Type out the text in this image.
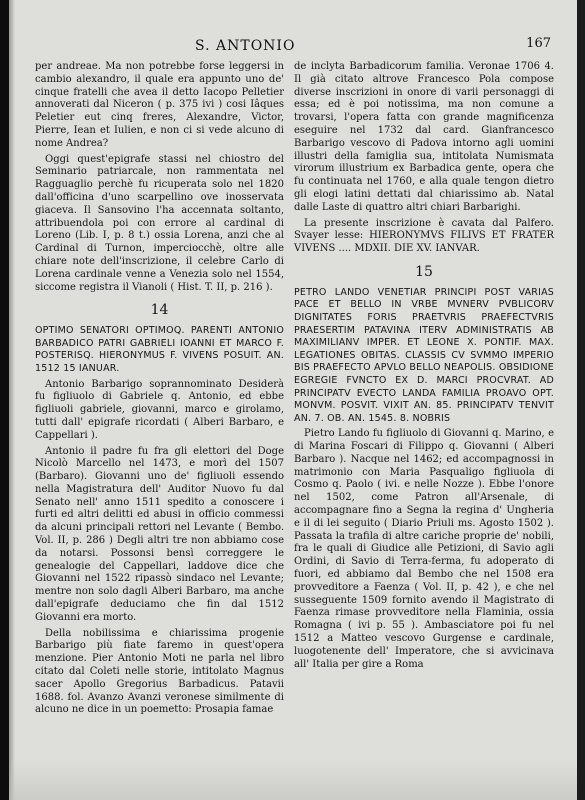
S. ANTONIO	167

per andreae. Ma non potrebbe forse leggersi in cambio alexandro, il quale era appunto uno de' cinque fratelli che avea il detto Iacopo Pelletier annoverati dal Niceron ( p. 375 ivi ) cosi Iâques Peletier eut cinq freres, Alexandre, Victor, Pierre, Iean et Iulien, e non ci si vede alcuno di nome Andrea?

Oggi quest'epigrafe stassi nel chiostro del Seminario patriarcale, non rammentata nel Ragguaglio perchè fu ricuperata solo nel 1820 dall'officina d'uno scarpellino ove inosservata giaceva. Il Sansovino l'ha accennata soltanto, attribuendola poi con errore al cardinal di Loreno (Lib. I, p. 8 t.) ossia Lorena, anzi che al Cardinal di Turnon, imperciocchè, oltre alle chiare note dell'inscrizione, il celebre Carlo di Lorena cardinale venne a Venezia solo nel 1554, siccome registra il Vianoli ( Hist. T. II, p. 216 ).

14

OPTIMO SENATORI OPTIMOQ. PARENTI ANTONIO BARBADICO PATRI GABRIELI IOANNI ET MARCO F. POSTERISQ. HIERONYMUS F. VIVENS POSUIT. AN. 1512 15 IANUAR.

Antonio Barbarigo soprannominato Desiderà fu figliuolo di Gabriele q. Antonio, ed ebbe figliuoli gabriele, giovanni, marco e girolamo, tutti dall' epigrafe ricordati ( Alberi Barbaro, e Cappellari ).

Antonio il padre fu fra gli elettori del Doge Nicolò Marcello nel 1473, e morì del 1507 (Barbaro). Giovanni uno de' figliuoli essendo nella Magistratura dell' Auditor Nuovo fu dal Senato nell' anno 1511 spedito a conoscere i furti ed altri delitti ed abusi in officio commessi da alcuni principali rettori nel Levante ( Bembo. Vol. II, p. 286 ) Degli altri tre non abbiamo cose da notarsi. Possonsi bensì correggere le genealogie del Cappellari, laddove dice che Giovanni nel 1522 ripassò sindaco nel Levante; mentre non solo dagli Alberi Barbaro, ma anche dall'epigrafe deduciamo che fin dal 1512 Giovanni era morto.

Della nobilissima e chiarissima progenie Barbarigo più fiate faremo in quest'opera menzione. Pier Antonio Moti ne parla nel libro citato dal Coleti nelle storie, intitolato Magnus sacer Apollo Gregorius Barbadicus. Patavii 1688. fol. Avanzo Avanzi veronese similmente di alcuno ne dice in un poemetto: Prosapia famae

de inclyta Barbadicorum familia. Veronae 1706 4. Il già citato altrove Francesco Pola compose diverse inscrizioni in onore di varii personaggi di essa; ed è poi notissima, ma non comune a trovarsi, l'opera fatta con grande magnificenza eseguire nel 1732 dal card. Gianfrancesco Barbarigo vescovo di Padova intorno agli uomini illustri della famiglia sua, intitolata Numismata virorum illustrium ex Barbadica gente, opera che fu continuata nel 1760, e alla quale tengon dietro gli elogi latini dettati dal chiarissimo ab. Natal dalle Laste di quattro altri chiari Barbarighi.

La presente inscrizione è cavata dal Palfero. Svayer lesse: HIERONYMVS FILIVS ET FRATER VIVENS .... MDXII. DIE XV. IANVAR.

15

PETRO LANDO VENETIAR PRINCIPI POST VARIAS PACE ET BELLO IN VRBE MVNERV PVBLICORV DIGNITATES FORIS PRAETVRIS PRAEFECTVRIS PRAESERTIM PATAVINA ITERV ADMINISTRATIS AB MAXIMILIANV IMPER. ET LEONE X. PONTIF. MAX. LEGATIONES OBITAS. CLASSIS CV SVMMO IMPERIO BIS PRAEFECTO APVLO BELLO NEAPOLIS. OBSIDIONE EGREGIE FVNCTO EX D. MARCI PROCVRAT. AD PRINCIPATV EVECTO LANDA FAMILIA PROAVO OPT. MONVM. POSVIT. VIXIT AN. 85. PRINCIPATV TENVIT AN. 7. OB. AN. 1545. 8. NOBRIS

Pietro Lando fu figliuolo di Giovanni q. Marino, e di Marina Foscari di Filippo q. Giovanni ( Alberi Barbaro ). Nacque nel 1462; ed accompagnossi in matrimonio con Maria Pasqualigo figliuola di Cosmo q. Paolo ( ivi. e nelle Nozze ). Ebbe l'onore nel 1502, come Patron all'Arsenale, di accompagnare fino a Segna la regina d' Ungheria e il di lei seguito ( Diario Priuli ms. Agosto 1502 ). Passata la trafila di altre cariche proprie de' nobili, fra le quali di Giudice alle Petizioni, di Savio agli Ordini, di Savio di Terra-ferma, fu adoperato di fuori, ed abbiamo dal Bembo che nel 1508 era provveditore a Faenza ( Vol. II, p. 42 ), e che nel susseguente 1509 fornito avendo il Magistrato di Faenza rimase provveditore nella Flaminia, ossia Romagna ( ivi p. 55 ). Ambasciatore poi fu nel 1512 a Matteo vescovo Gurgense e cardinale, luogotenente dell' Imperatore, che si avvicinava all' Italia per gire a Roma
